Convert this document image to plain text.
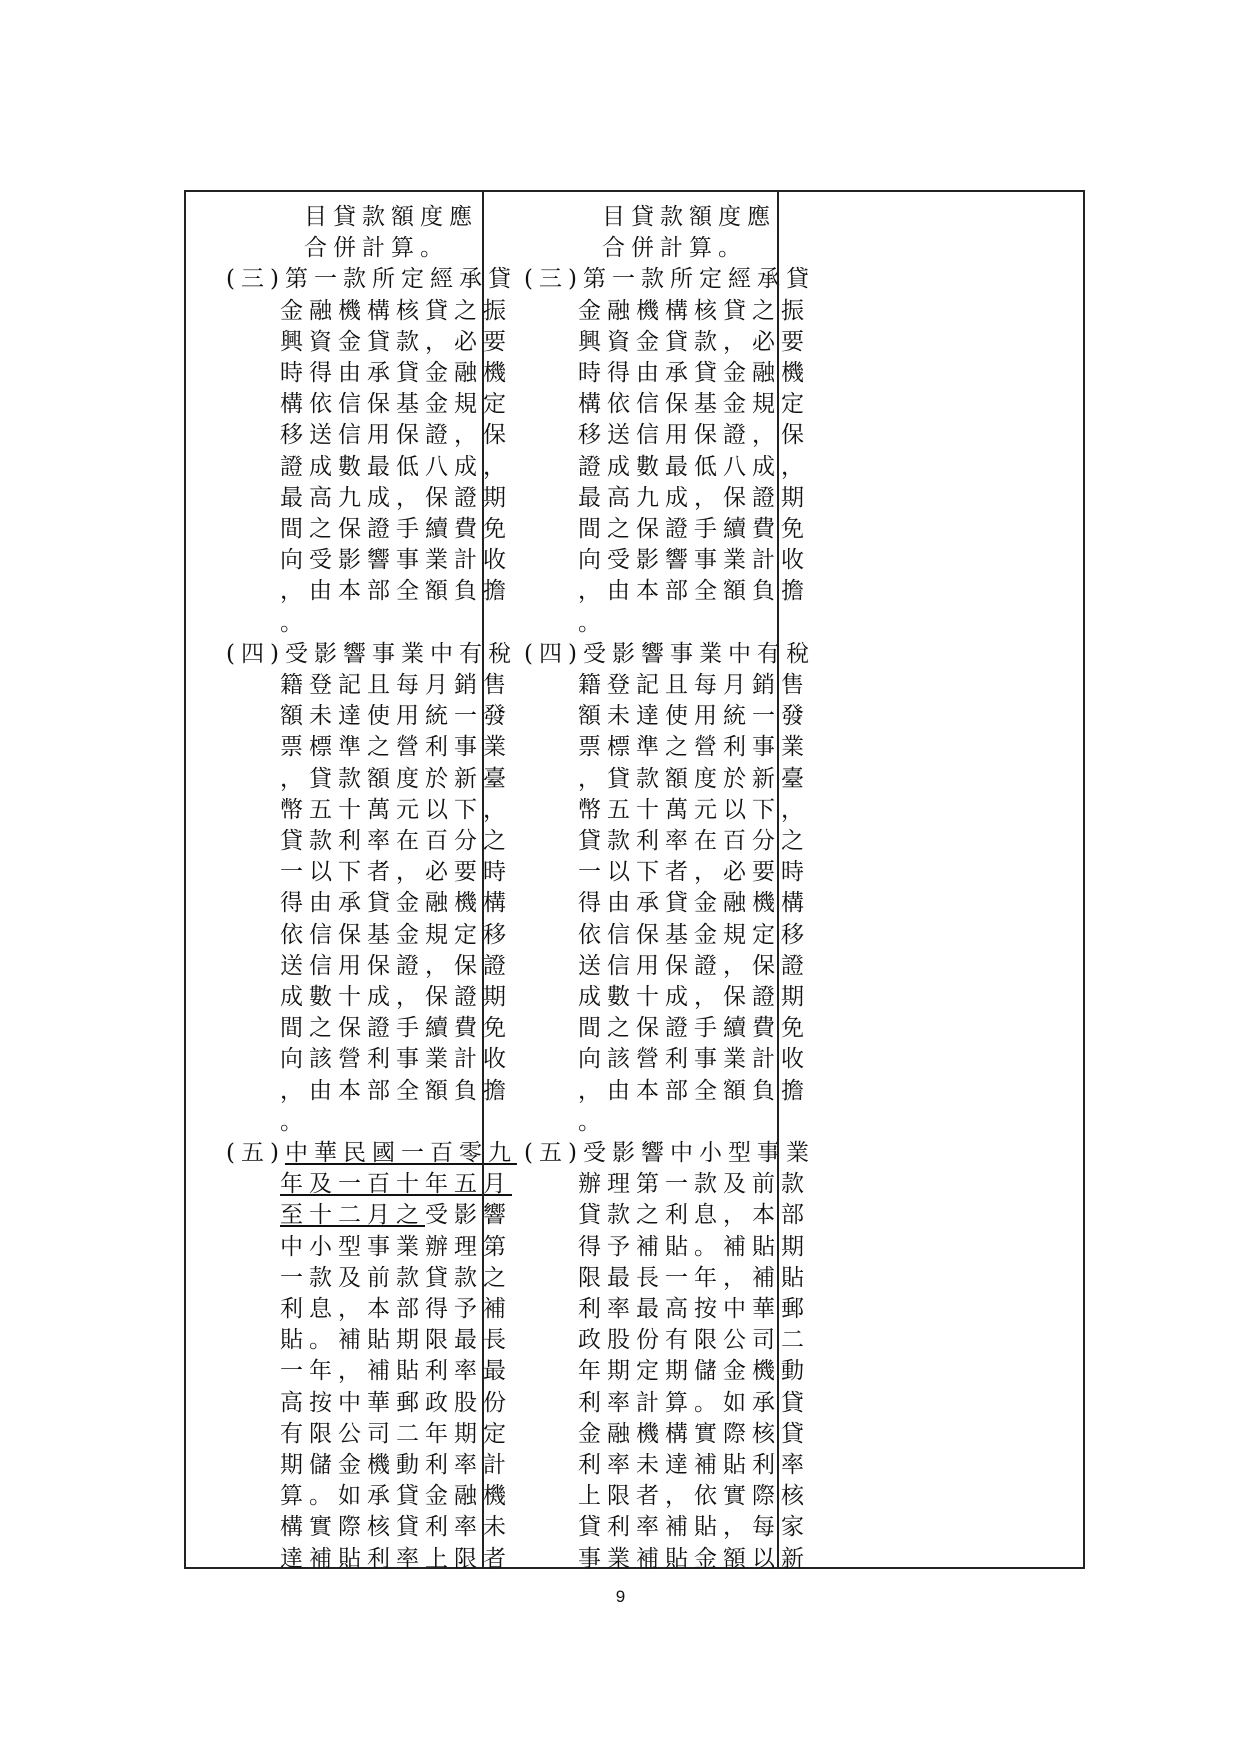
目貸款額度應
合併計算。
(三)第一款所定經承貸
金融機構核貸之振
興資金貸款，必要
時得由承貸金融機
構依信保基金規定
移送信用保證，保
證成數最低八成，
最高九成，保證期
間之保證手續費免
向受影響事業計收
，由本部全額負擔
。
(四)受影響事業中有稅
籍登記且每月銷售
額未達使用統一發
票標準之營利事業
，貸款額度於新臺
幣五十萬元以下，
貸款利率在百分之
一以下者，必要時
得由承貸金融機構
依信保基金規定移
送信用保證，保證
成數十成，保證期
間之保證手續費免
向該營利事業計收
，由本部全額負擔
。
(五)中華民國一百零九
年及一百十年五月
至十二月之受影響
中小型事業辦理第
一款及前款貸款之
利息，本部得予補
貼。補貼期限最長
一年，補貼利率最
高按中華郵政股份
有限公司二年期定
期儲金機動利率計
算。如承貸金融機
構實際核貸利率未
達補貼利率上限者
目貸款額度應
合併計算。
(三)第一款所定經承貸
金融機構核貸之振
興資金貸款，必要
時得由承貸金融機
構依信保基金規定
移送信用保證，保
證成數最低八成，
最高九成，保證期
間之保證手續費免
向受影響事業計收
，由本部全額負擔
。
(四)受影響事業中有稅
籍登記且每月銷售
額未達使用統一發
票標準之營利事業
，貸款額度於新臺
幣五十萬元以下，
貸款利率在百分之
一以下者，必要時
得由承貸金融機構
依信保基金規定移
送信用保證，保證
成數十成，保證期
間之保證手續費免
向該營利事業計收
，由本部全額負擔
。
(五)受影響中小型事業
辦理第一款及前款
貸款之利息，本部
得予補貼。補貼期
限最長一年，補貼
利率最高按中華郵
政股份有限公司二
年期定期儲金機動
利率計算。如承貸
金融機構實際核貸
利率未達補貼利率
上限者，依實際核
貸利率補貼，每家
事業補貼金額以新
9
